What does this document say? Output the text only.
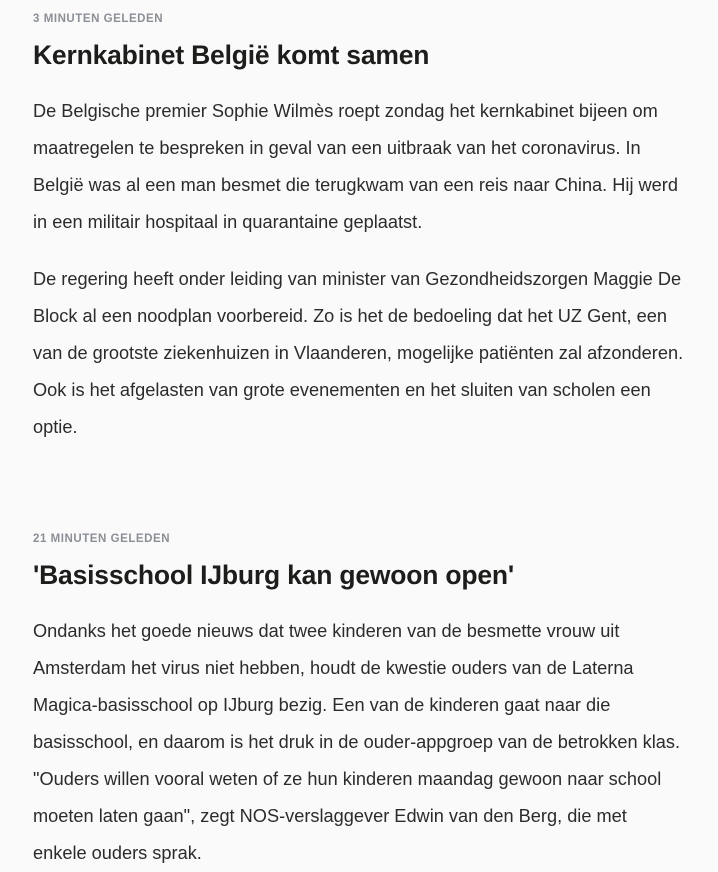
3 MINUTEN GELEDEN
Kernkabinet België komt samen

De Belgische premier Sophie Wilmès roept zondag het kernkabinet bijeen om maatregelen te bespreken in geval van een uitbraak van het coronavirus. In België was al een man besmet die terugkwam van een reis naar China. Hij werd in een militair hospitaal in quarantaine geplaatst.

De regering heeft onder leiding van minister van Gezondheidszorgen Maggie De Block al een noodplan voorbereid. Zo is het de bedoeling dat het UZ Gent, een van de grootste ziekenhuizen in Vlaanderen, mogelijke patiënten zal afzonderen. Ook is het afgelasten van grote evenementen en het sluiten van scholen een optie.

21 MINUTEN GELEDEN
'Basisschool IJburg kan gewoon open'

Ondanks het goede nieuws dat twee kinderen van de besmette vrouw uit Amsterdam het virus niet hebben, houdt de kwestie ouders van de Laterna Magica-basisschool op IJburg bezig. Een van de kinderen gaat naar die basisschool, en daarom is het druk in de ouder-appgroep van de betrokken klas. "Ouders willen vooral weten of ze hun kinderen maandag gewoon naar school moeten laten gaan", zegt NOS-verslaggever Edwin van den Berg, die met enkele ouders sprak.
